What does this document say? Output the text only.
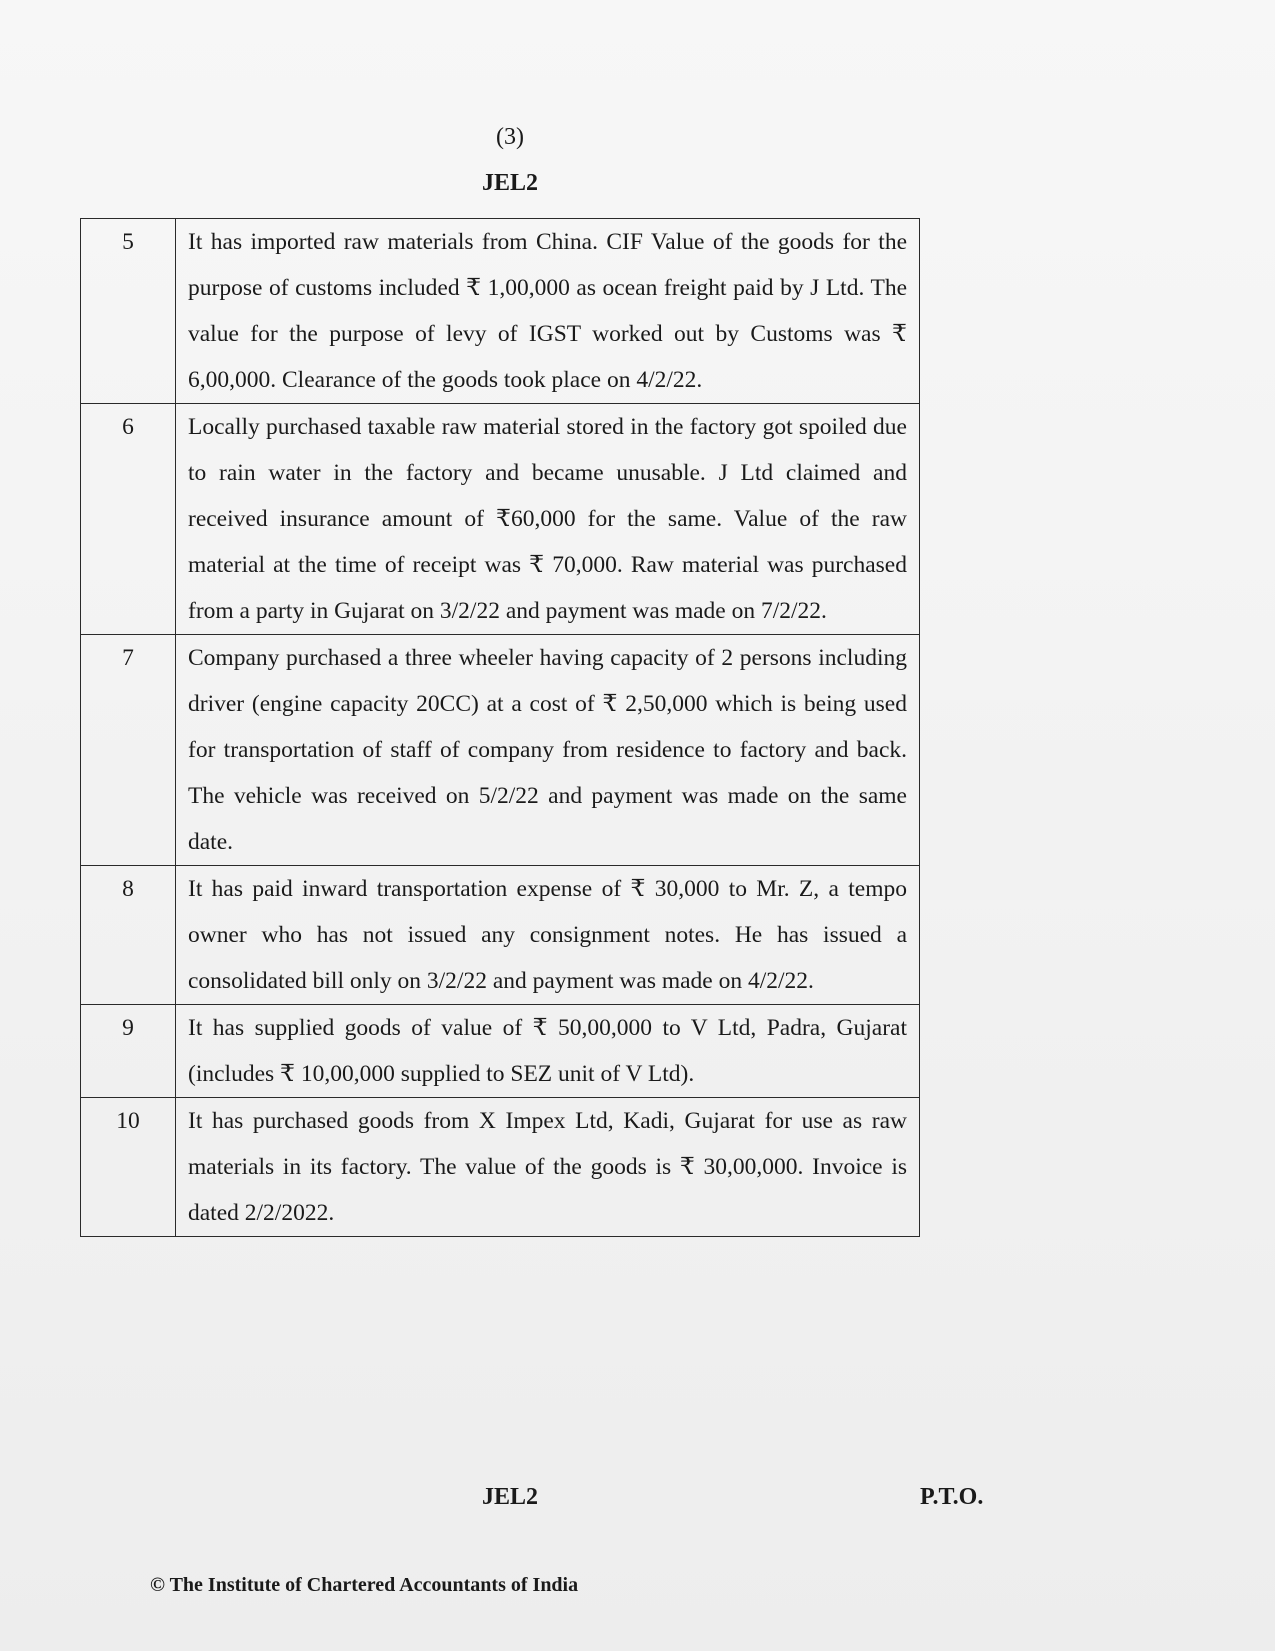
(3)
JEL2
5	It has imported raw materials from China. CIF Value of the goods for the purpose of customs included ₹ 1,00,000 as ocean freight paid by J Ltd. The value for the purpose of levy of IGST worked out by Customs was ₹ 6,00,000. Clearance of the goods took place on 4/2/22.
6	Locally purchased taxable raw material stored in the factory got spoiled due to rain water in the factory and became unusable. J Ltd claimed and received insurance amount of ₹60,000 for the same. Value of the raw material at the time of receipt was ₹ 70,000. Raw material was purchased from a party in Gujarat on 3/2/22 and payment was made on 7/2/22.
7	Company purchased a three wheeler having capacity of 2 persons including driver (engine capacity 20CC) at a cost of ₹ 2,50,000 which is being used for transportation of staff of company from residence to factory and back. The vehicle was received on 5/2/22 and payment was made on the same date.
8	It has paid inward transportation expense of ₹ 30,000 to Mr. Z, a tempo owner who has not issued any consignment notes. He has issued a consolidated bill only on 3/2/22 and payment was made on 4/2/22.
9	It has supplied goods of value of ₹ 50,00,000 to V Ltd, Padra, Gujarat (includes ₹ 10,00,000 supplied to SEZ unit of V Ltd).
10	It has purchased goods from X Impex Ltd, Kadi, Gujarat for use as raw materials in its factory. The value of the goods is ₹ 30,00,000. Invoice is dated 2/2/2022.
JEL2	P.T.O.
© The Institute of Chartered Accountants of India
